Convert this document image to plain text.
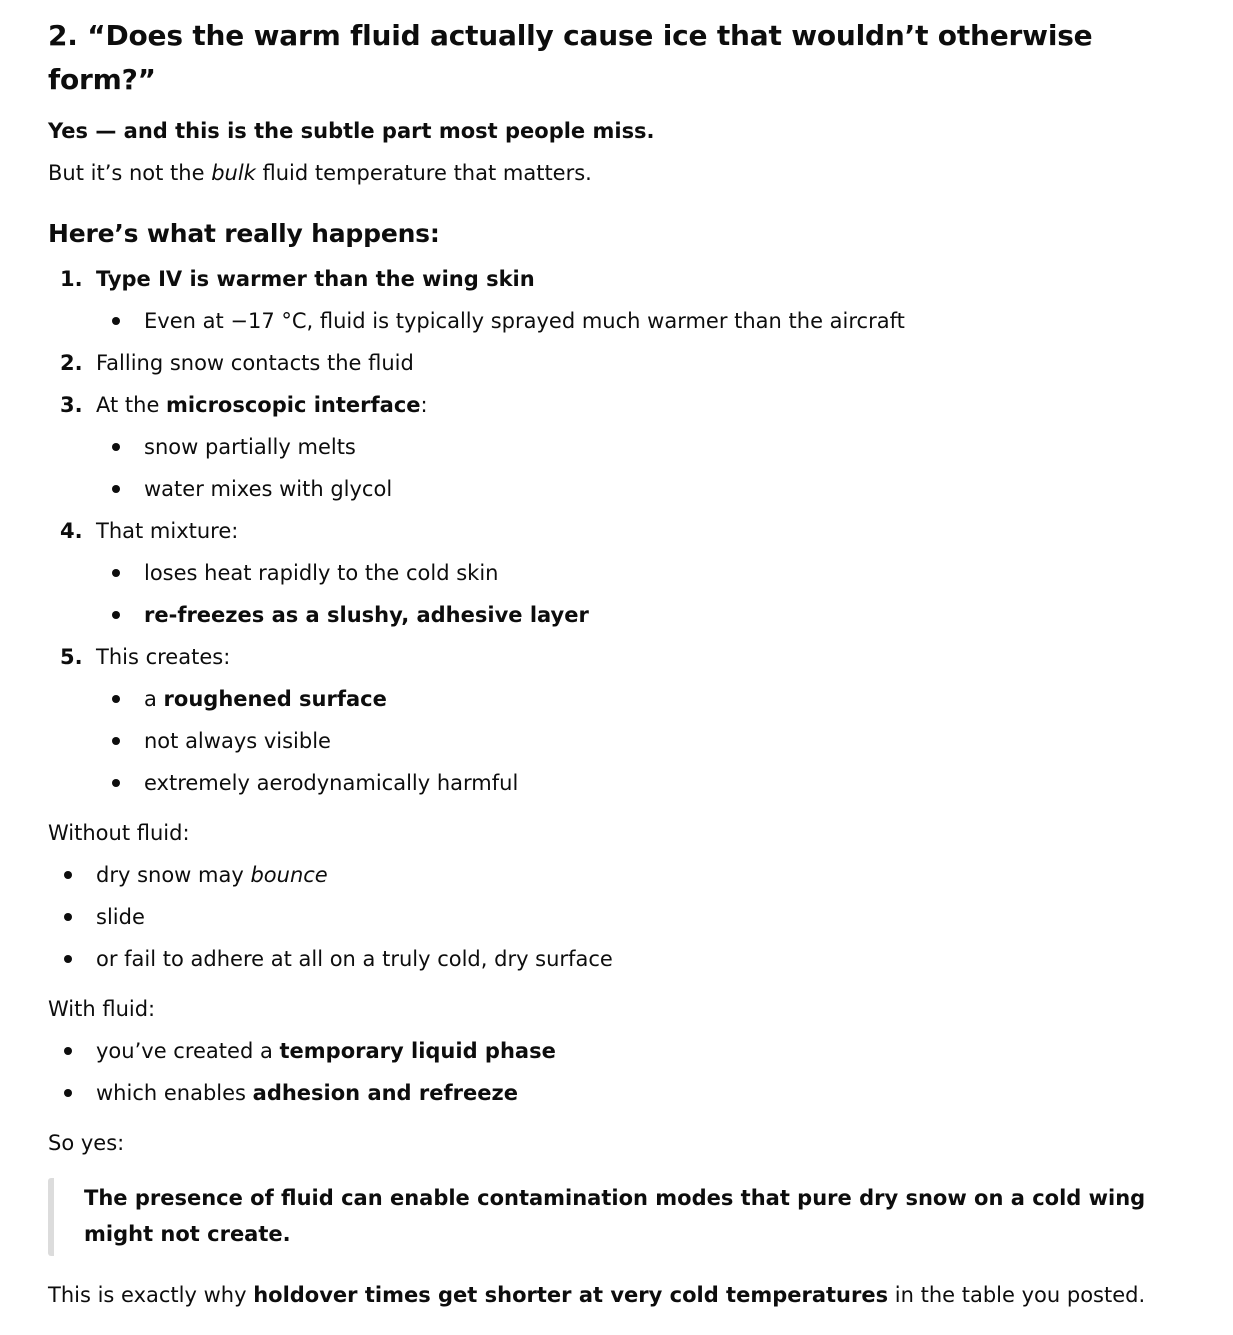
2. “Does the warm fluid actually cause ice that wouldn’t otherwise form?”

Yes — and this is the subtle part most people miss.

But it’s not the bulk fluid temperature that matters.

Here’s what really happens:
1. Type IV is warmer than the wing skin
Even at −17 °C, fluid is typically sprayed much warmer than the aircraft
2. Falling snow contacts the fluid
3. At the microscopic interface:
snow partially melts
water mixes with glycol
4. That mixture:
loses heat rapidly to the cold skin
re-freezes as a slushy, adhesive layer
5. This creates:
a roughened surface
not always visible
extremely aerodynamically harmful

Without fluid:

dry snow may bounce
slide
or fail to adhere at all on a truly cold, dry surface

With fluid:

you’ve created a temporary liquid phase
which enables adhesion and refreeze

So yes:

The presence of fluid can enable contamination modes that pure dry snow on a cold wing might not create.

This is exactly why holdover times get shorter at very cold temperatures in the table you posted.
